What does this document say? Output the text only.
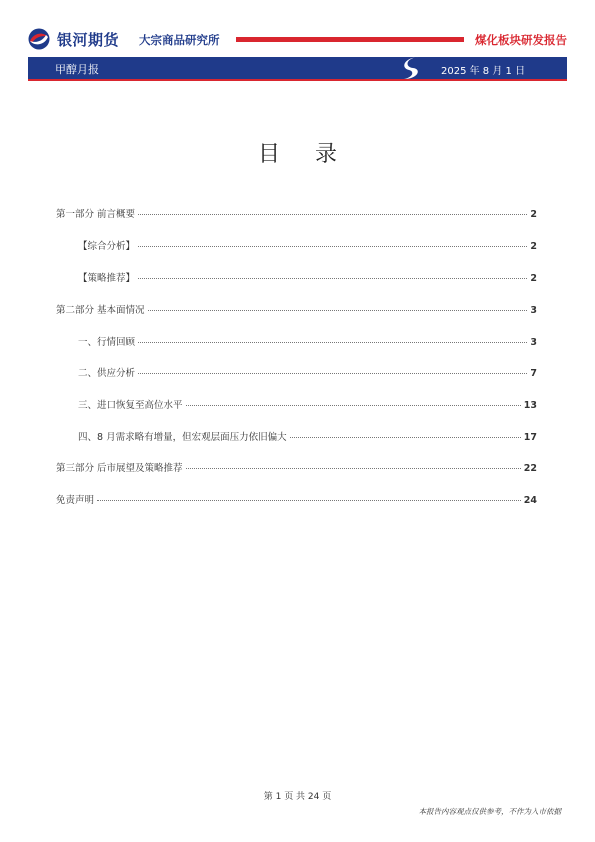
银河期货 大宗商品研究所	煤化板块研发报告
甲醇月报	2025 年 8 月 1 日
目 录
第一部分 前言概要	2
【综合分析】	2
【策略推荐】	2
第二部分 基本面情况	3
一、行情回顾	3
二、供应分析	7
三、进口恢复至高位水平	13
四、8 月需求略有增量，但宏观层面压力依旧偏大	17
第三部分 后市展望及策略推荐	22
免责声明	24
第 1 页 共 24 页
本报告内容观点仅供参考，不作为入市依据
